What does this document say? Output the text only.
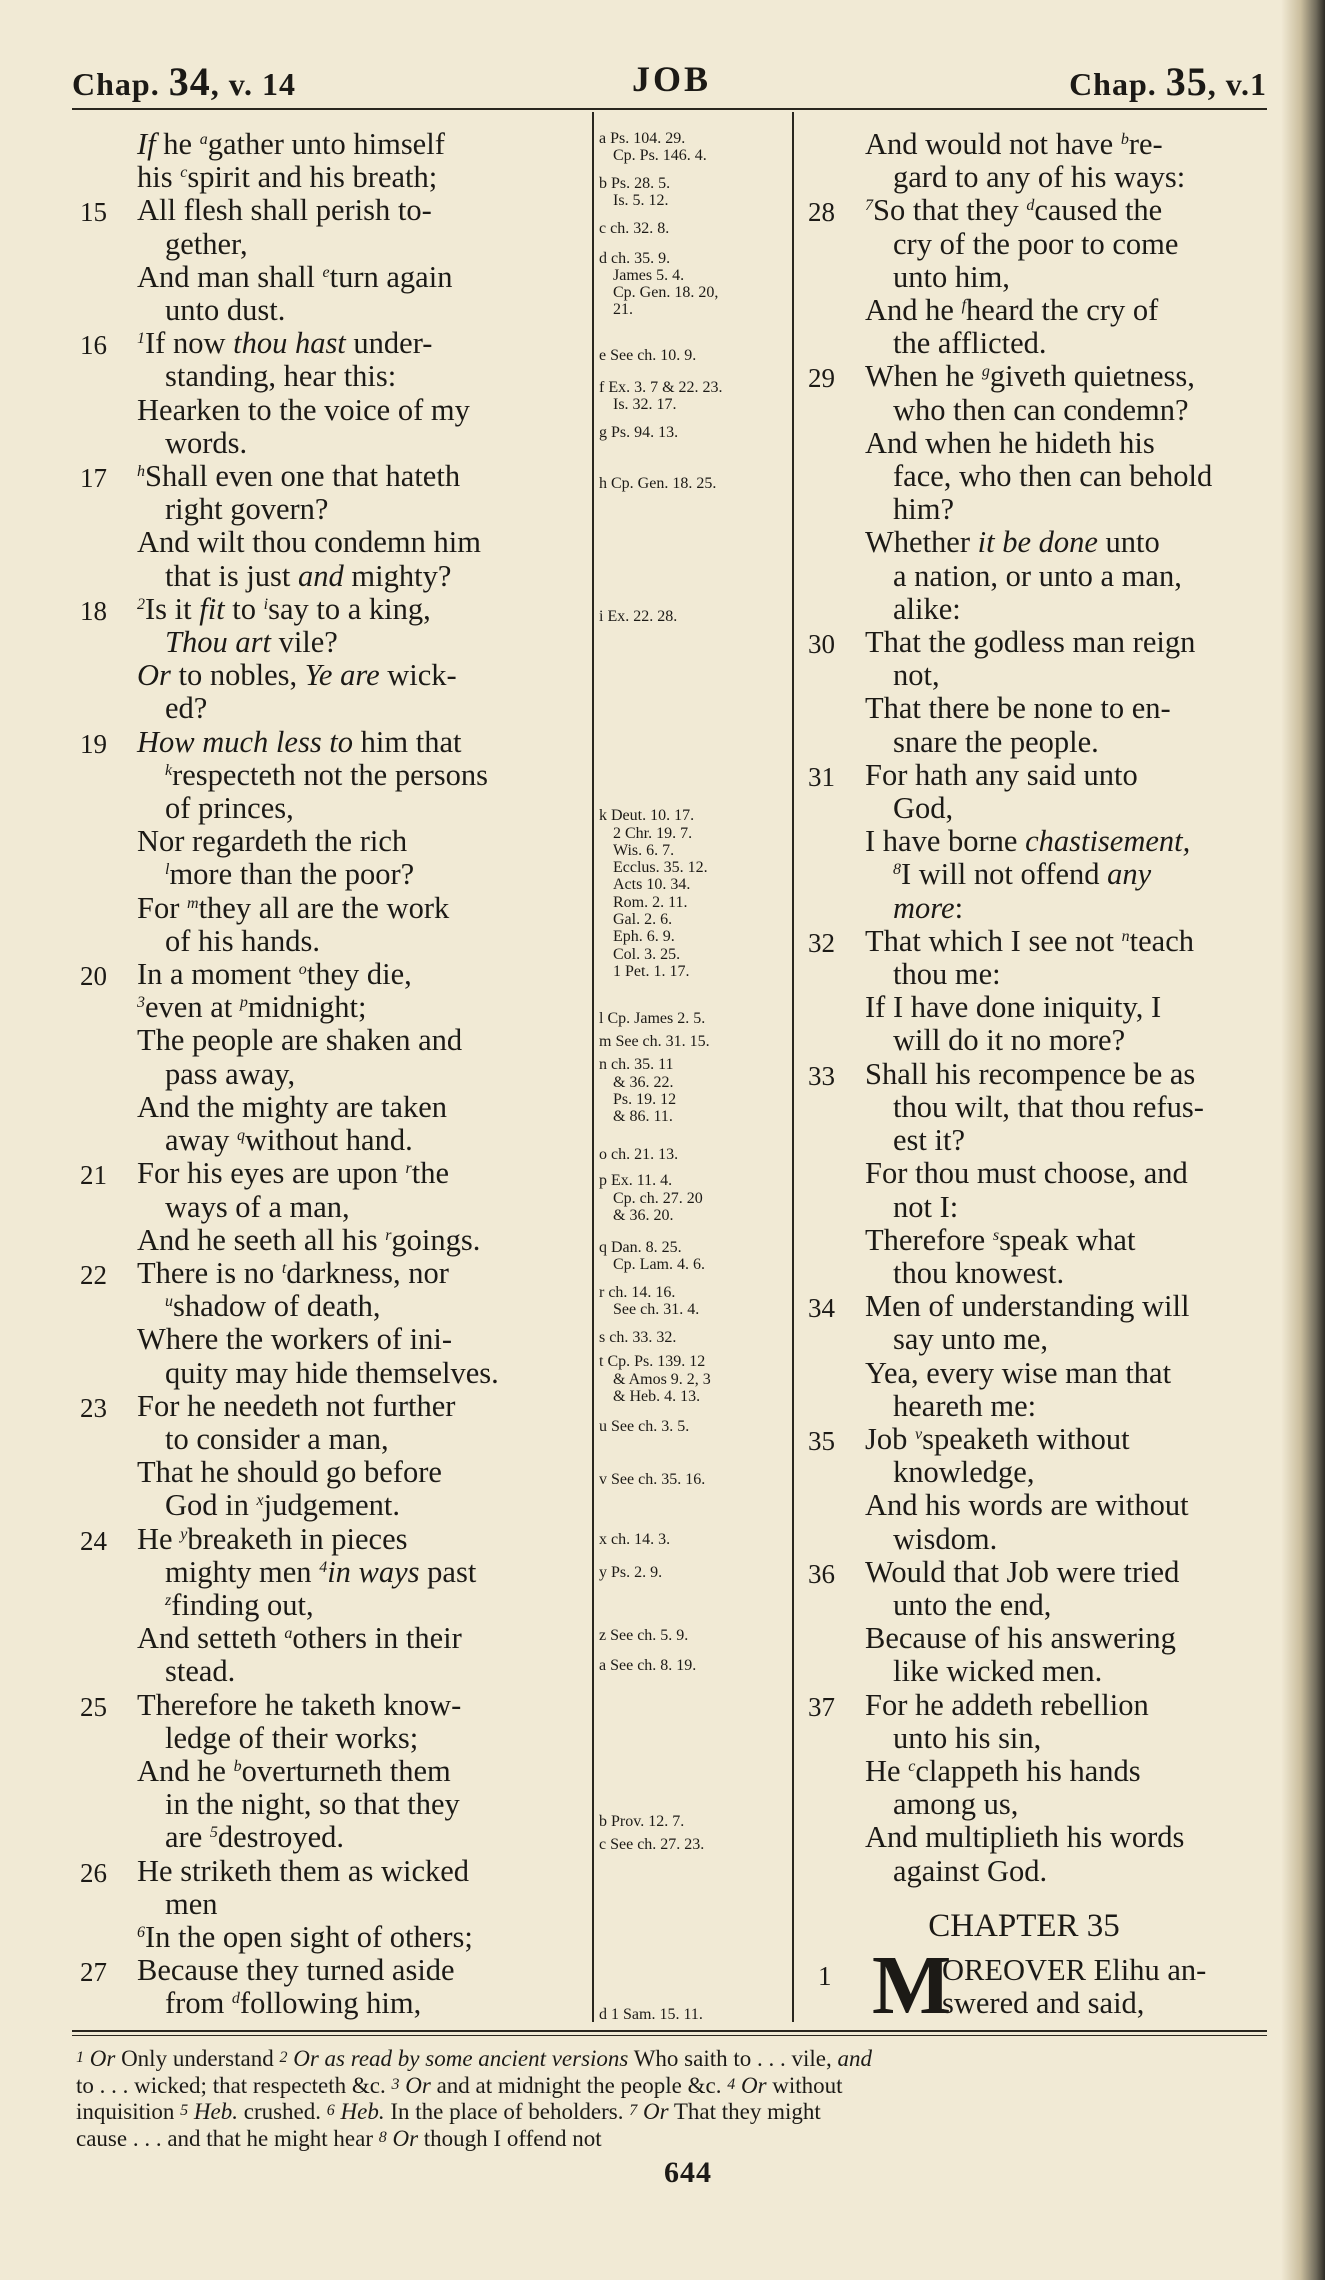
Chap. 34, v. 14	JOB	Chap. 35, v.1
If he $^a$gather unto himself
his $^c$spirit and his breath;
15 All flesh shall perish to-
gether,
And man shall $^e$turn again
unto dust.
16 $^1$If now thou hast under-
standing, hear this:
Hearken to the voice of my
words.
17 $^h$Shall even one that hateth
right govern?
And wilt thou condemn him
that is just and mighty?
18 $^2$Is it fit to $^i$say to a king,
Thou art vile?
Or to nobles, Ye are wick-
ed?
19 How much less to him that
$^k$respecteth not the persons
of princes,
Nor regardeth the rich
$^l$more than the poor?
For $^m$they all are the work
of his hands.
20 In a moment $^o$they die,
$^3$even at $^p$midnight;
The people are shaken and
pass away,
And the mighty are taken
away $^q$without hand.
21 For his eyes are upon $^r$the
ways of a man,
And he seeth all his $^r$goings.
22 There is no $^t$darkness, nor
$^u$shadow of death,
Where the workers of ini-
quity may hide themselves.
23 For he needeth not further
to consider a man,
That he should go before
God in $^x$judgement.
24 He $^y$breaketh in pieces
mighty men $^4$in ways past
$^z$finding out,
And setteth $^a$others in their
stead.
25 Therefore he taketh know-
ledge of their works;
And he $^b$overturneth them
in the night, so that they
are $^5$destroyed.
26 He striketh them as wicked
men
$^6$In the open sight of others;
27 Because they turned aside
from $^d$following him,
a Ps. 104. 29.
Cp. Ps. 146. 4.
b Ps. 28. 5.
Is. 5. 12.
c ch. 32. 8.
d ch. 35. 9.
James 5. 4.
Cp. Gen. 18. 20,
21.
e See ch. 10. 9.
f Ex. 3. 7 & 22. 23.
Is. 32. 17.
g Ps. 94. 13.
h Cp. Gen. 18. 25.
i Ex. 22. 28.
k Deut. 10. 17.
2 Chr. 19. 7.
Wis. 6. 7.
Ecclus. 35. 12.
Acts 10. 34.
Rom. 2. 11.
Gal. 2. 6.
Eph. 6. 9.
Col. 3. 25.
1 Pet. 1. 17.
l Cp. James 2. 5.
m See ch. 31. 15.
n ch. 35. 11
& 36. 22.
Ps. 19. 12
& 86. 11.
o ch. 21. 13.
p Ex. 11. 4.
Cp. ch. 27. 20
& 36. 20.
q Dan. 8. 25.
Cp. Lam. 4. 6.
r ch. 14. 16.
See ch. 31. 4.
s ch. 33. 32.
t Cp. Ps. 139. 12
& Amos 9. 2, 3
& Heb. 4. 13.
u See ch. 3. 5.
v See ch. 35. 16.
x ch. 14. 3.
y Ps. 2. 9.
z See ch. 5. 9.
a See ch. 8. 19.
b Prov. 12. 7.
c See ch. 27. 23.
d 1 Sam. 15. 11.
And would not have $^b$re-
gard to any of his ways:
28 $^7$So that they $^d$caused the
cry of the poor to come
unto him,
And he $^f$heard the cry of
the afflicted.
29 When he $^g$giveth quietness,
who then can condemn?
And when he hideth his
face, who then can behold
him?
Whether it be done unto
a nation, or unto a man,
alike:
30 That the godless man reign
not,
That there be none to en-
snare the people.
31 For hath any said unto
God,
I have borne chastisement,
$^8$I will not offend any
more:
32 That which I see not $^n$teach
thou me:
If I have done iniquity, I
will do it no more?
33 Shall his recompence be as
thou wilt, that thou refus-
est it?
For thou must choose, and
not I:
Therefore $^s$speak what
thou knowest.
34 Men of understanding will
say unto me,
Yea, every wise man that
heareth me:
35 Job $^v$speaketh without
knowledge,
And his words are without
wisdom.
36 Would that Job were tried
unto the end,
Because of his answering
like wicked men.
37 For he addeth rebellion
unto his sin,
He $^c$clappeth his hands
among us,
And multiplieth his words
against God.
CHAPTER 35
1 M
OREOVER Elihu an-
swered and said,
$^1$ Or Only understand $^2$ Or as read by some ancient versions Who saith to . . . vile, and
to . . . wicked; that respecteth &c. $^3$ Or and at midnight the people &c. $^4$ Or without
inquisition $^5$ Heb. crushed. $^6$ Heb. In the place of beholders. $^7$ Or That they might
cause . . . and that he might hear $^8$ Or though I offend not
644
